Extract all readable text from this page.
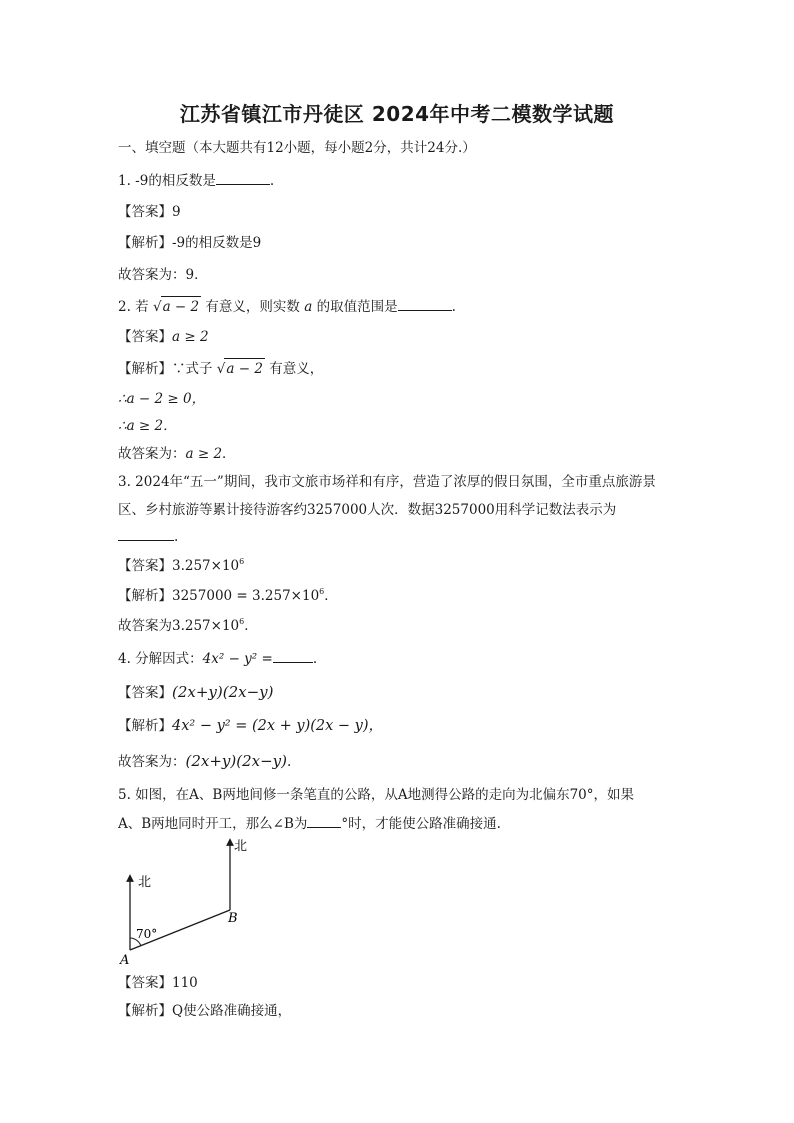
江苏省镇江市丹徒区 2024年中考二模数学试题
一、填空题（本大题共有12小题，每小题2分，共计24分.）
1. -9的相反数是	.
【答案】9
【解析】-9的相反数是9
故答案为：9．
2. 若 √a − 2 有意义，则实数 a 的取值范围是	.
【答案】a ≥ 2
【解析】∵式子 √a − 2 有意义，
∴a − 2 ≥ 0，
∴a ≥ 2．
故答案为：a ≥ 2．
3. 2024年“五一”期间，我市文旅市场祥和有序，营造了浓厚的假日氛围，全市重点旅游景
区、乡村旅游等累计接待游客约3257000人次．数据3257000用科学记数法表示为
.
【答案】$3.257\times 10^6$
【解析】$3257000 = 3.257\times 10^6$．
故答案为$3.257\times 10^6$．
4. 分解因式：4x² − y² =	.
【答案】(2x+y)(2x−y)
【解析】4x² − y² = (2x + y)(2x − y)，
故答案为：(2x+y)(2x−y).
5. 如图，在A、B两地间修一条笔直的公路，从A地测得公路的走向为北偏东70°，如果
A、B两地同时开工，那么∠B为	°时，才能使公路准确接通.
北
北
70°
A
B
【答案】110
【解析】Q使公路准确接通，
